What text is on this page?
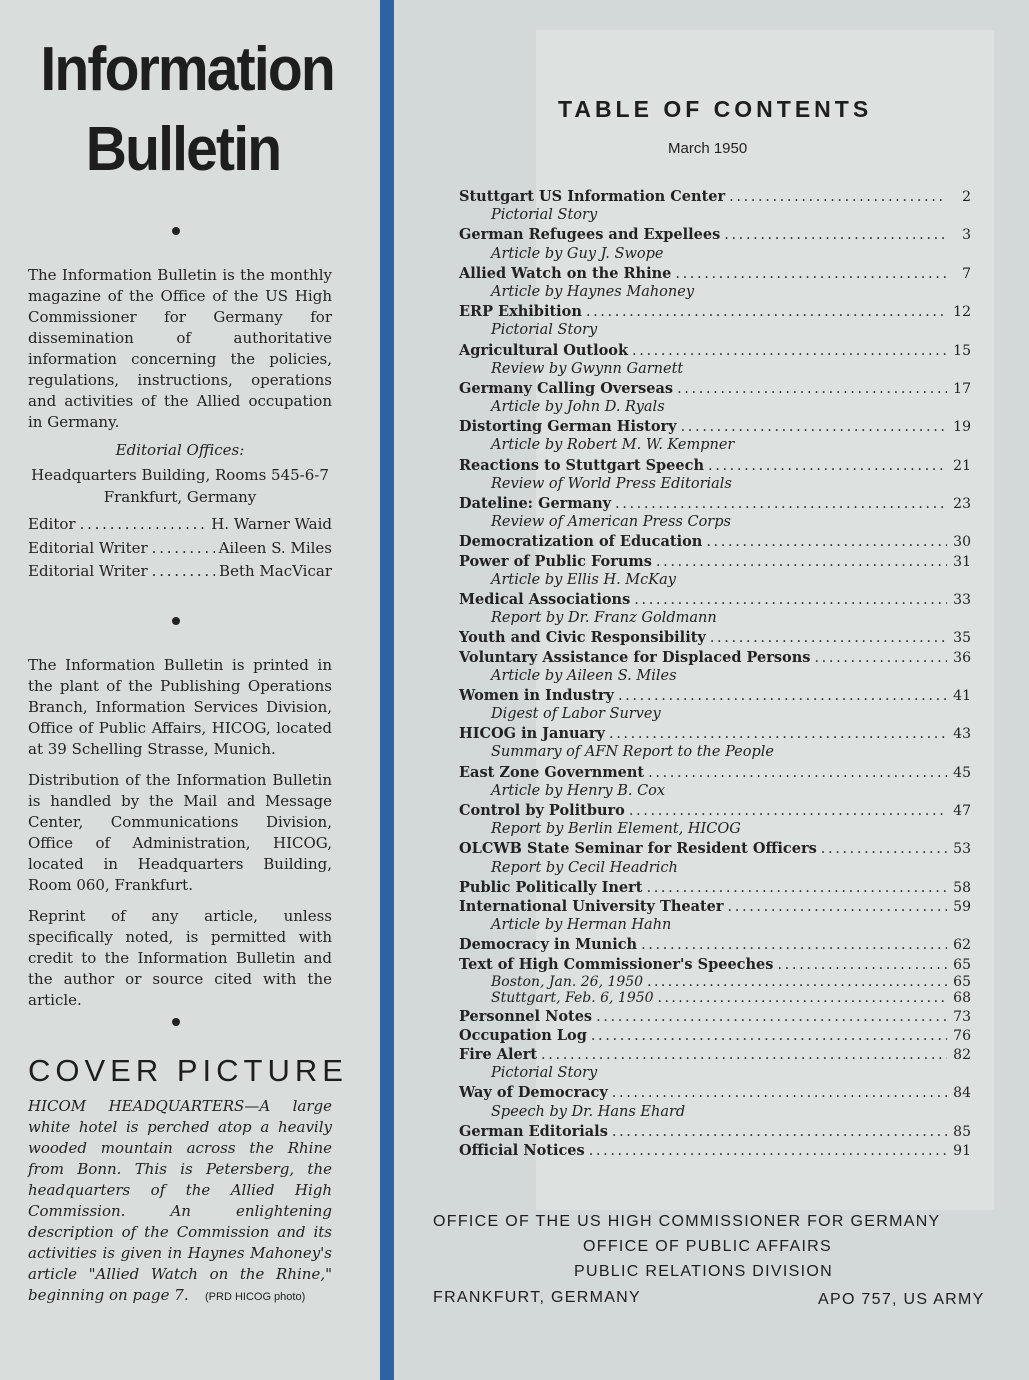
Information
Bulletin

The Information Bulletin is the monthly magazine of the Office of the US High Commissioner for Germany for dissemination of authoritative information concerning the policies, regulations, instructions, operations and activities of the Allied occupation in Germany.

Editorial Offices:
Headquarters Building, Rooms 545-6-7
Frankfurt, Germany
Editor . . .	H. Warner Waid
Editorial Writer . . .	Aileen S. Miles
Editorial Writer . . .	Beth MacVicar

The Information Bulletin is printed in the plant of the Publishing Operations Branch, Information Services Division, Office of Public Affairs, HICOG, located at 39 Schelling Strasse, Munich.

Distribution of the Information Bulletin is handled by the Mail and Message Center, Communications Division, Office of Administration, HICOG, located in Headquarters Building, Room 060, Frankfurt.

Reprint of any article, unless specifically noted, is permitted with credit to the Information Bulletin and the author or source cited with the article.

COVER PICTURE

HICOM HEADQUARTERS—A large white hotel is perched atop a heavily wooded mountain across the Rhine from Bonn. This is Petersberg, the headquarters of the Allied High Commission. An enlightening description of the Commission and its activities is given in Haynes Mahoney's article "Allied Watch on the Rhine," beginning on page 7.	(PRD HICOG photo)
TABLE OF CONTENTS
March 1950
Stuttgart US Information Center . . .	2
Pictorial Story
German Refugees and Expellees . . .	3
Article by Guy J. Swope
Allied Watch on the Rhine . . .	7
Article by Haynes Mahoney
ERP Exhibition . . .	12
Pictorial Story
Agricultural Outlook . . .	15
Review by Gwynn Garnett
Germany Calling Overseas . . .	17
Article by John D. Ryals
Distorting German History . . .	19
Article by Robert M. W. Kempner
Reactions to Stuttgart Speech . . .	21
Review of World Press Editorials
Dateline: Germany . . .	23
Review of American Press Corps
Democratization of Education . . .	30
Power of Public Forums . . .	31
Article by Ellis H. McKay
Medical Associations . . .	33
Report by Dr. Franz Goldmann
Youth and Civic Responsibility . . .	35
Voluntary Assistance for Displaced Persons . . .	36
Article by Aileen S. Miles
Women in Industry . . .	41
Digest of Labor Survey
HICOG in January . . .	43
Summary of AFN Report to the People
East Zone Government . . .	45
Article by Henry B. Cox
Control by Politburo . . .	47
Report by Berlin Element, HICOG
OLCWB State Seminar for Resident Officers . . .	53
Report by Cecil Headrich
Public Politically Inert . . .	58
International University Theater . . .	59
Article by Herman Hahn
Democracy in Munich . . .	62
Text of High Commissioner's Speeches . . .	65
Boston, Jan. 26, 1950 . . .	65
Stuttgart, Feb. 6, 1950 . . .	68
Personnel Notes . . .	73
Occupation Log . . .	76
Fire Alert . . .	82
Pictorial Story
Way of Democracy . . .	84
Speech by Dr. Hans Ehard
German Editorials . . .	85
Official Notices . . .	91
OFFICE OF THE US HIGH COMMISSIONER FOR GERMANY
OFFICE OF PUBLIC AFFAIRS
PUBLIC RELATIONS DIVISION
FRANKFURT, GERMANY	APO 757, US ARMY
